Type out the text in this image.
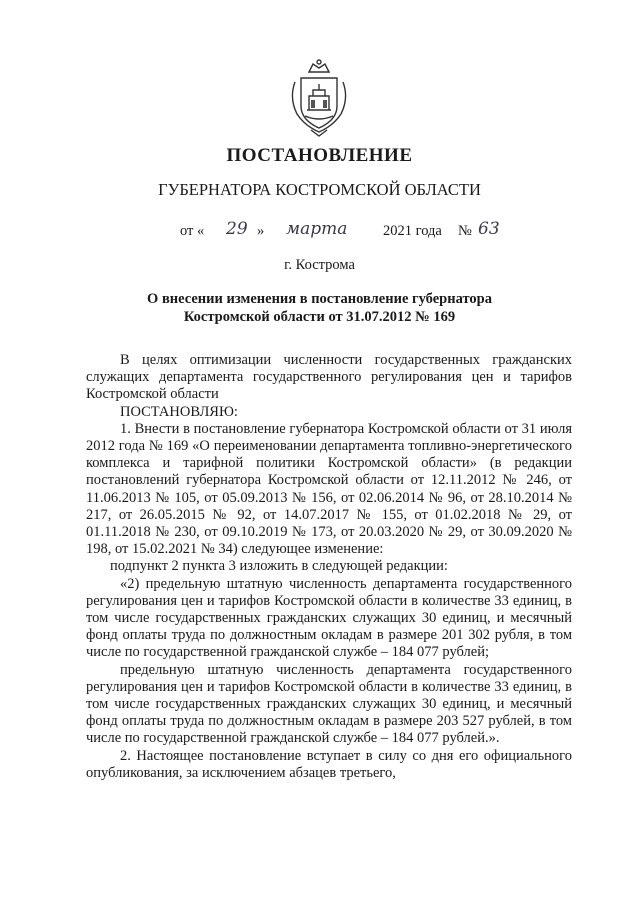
ПОСТАНОВЛЕНИЕ
ГУБЕРНАТОРА КОСТРОМСКОЙ ОБЛАСТИ
от « 29 » марта 2021 года № 63
г. Кострома
О внесении изменения в постановление губернатора
Костромской области от 31.07.2012 № 169

В целях оптимизации численности государственных гражданских служащих департамента государственного регулирования цен и тарифов Костромской области

ПОСТАНОВЛЯЮ:

1. Внести в постановление губернатора Костромской области от 31 июля 2012 года № 169 «О переименовании департамента топливно-энергетического комплекса и тарифной политики Костромской области» (в редакции постановлений губернатора Костромской области от 12.11.2012 № 246, от 11.06.2013 № 105, от 05.09.2013 № 156, от 02.06.2014 № 96, от 28.10.2014 № 217, от 26.05.2015 № 92, от 14.07.2017 № 155, от 01.02.2018 № 29, от 01.11.2018 № 230, от 09.10.2019 № 173, от 20.03.2020 № 29, от 30.09.2020 № 198, от 15.02.2021 № 34) следующее изменение:

подпункт 2 пункта 3 изложить в следующей редакции:

«2) предельную штатную численность департамента государственного регулирования цен и тарифов Костромской области в количестве 33 единиц, в том числе государственных гражданских служащих 30 единиц, и месячный фонд оплаты труда по должностным окладам в размере 201 302 рубля, в том числе по государственной гражданской службе – 184 077 рублей;

предельную штатную численность департамента государственного регулирования цен и тарифов Костромской области в количестве 33 единиц, в том числе государственных гражданских служащих 30 единиц, и месячный фонд оплаты труда по должностным окладам в размере 203 527 рублей, в том числе по государственной гражданской службе – 184 077 рублей.».

2. Настоящее постановление вступает в силу со дня его официального опубликования, за исключением абзацев третьего,
